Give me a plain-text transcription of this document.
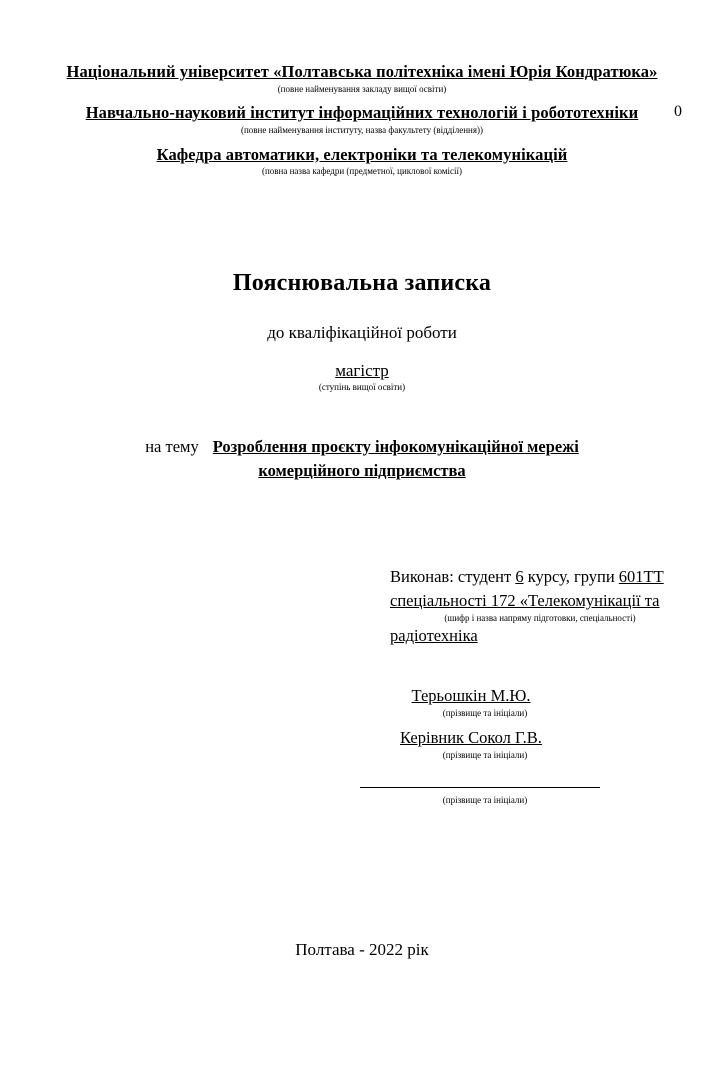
0
Національний університет «Полтавська політехніка імені Юрія Кондратюка»
(повне найменування закладу вищої освіти)
Навчально-науковий інститут інформаційних технологій і робототехніки
(повне найменування інституту, назва факультету (відділення))
Кафедра автоматики, електроніки та телекомунікацій
(повна назва кафедри (предметної, циклової комісії)
Пояснювальна записка
до кваліфікаційної роботи
магістр
(ступінь вищої освіти)
на тему Розроблення проєкту інфокомунікаційної мережі
комерційного підприємства
Виконав: студент 6 курсу, групи 601ТТ
спеціальності 172 «Телекомунікації та
(шифр і назва напряму підготовки, спеціальності)
радіотехніка
Терьошкін М.Ю.
(прізвище та ініціали)
Керівник Сокол Г.В.
(прізвище та ініціали)
(прізвище та ініціали)
Полтава - 2022 рік
